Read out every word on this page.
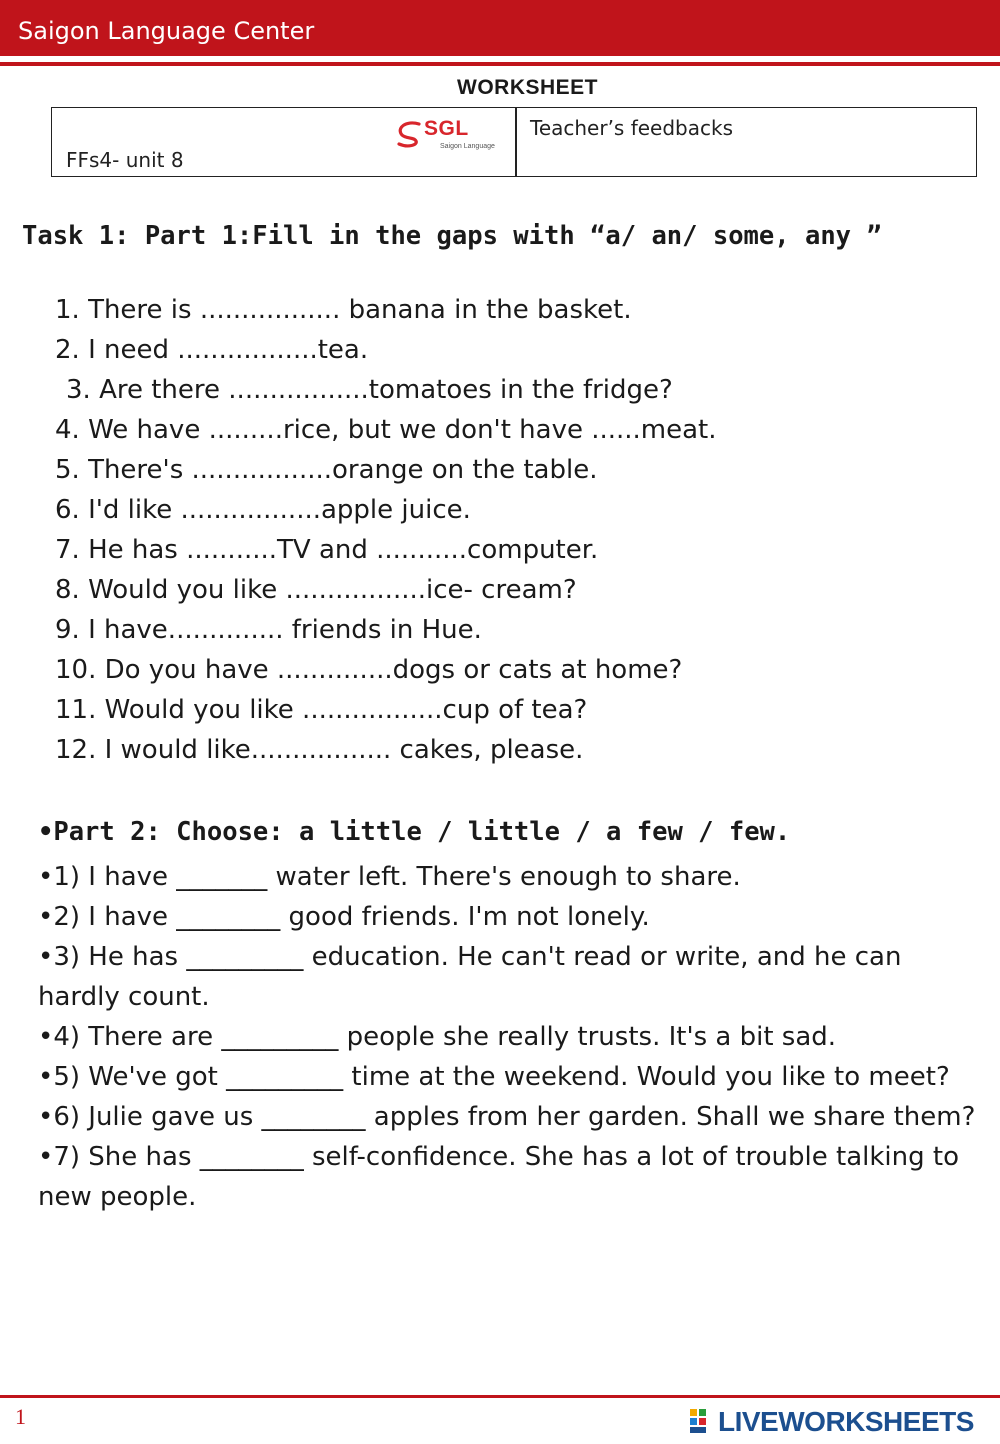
Saigon Language Center
WORKSHEET
SGL
Saigon Language
FFs4- unit 8
Teacher’s feedbacks
Task 1: Part 1:Fill in the gaps with “a/ an/ some, any ”
1. There is ................. banana in the basket.
2. I need .................tea.
3. Are there .................tomatoes in the fridge?
4. We have .........rice, but we don't have ......meat.
5. There's .................orange on the table.
6. I'd like .................apple juice.
7. He has ...........TV and ...........computer.
8. Would you like .................ice- cream?
9. I have.............. friends in Hue.
10. Do you have ..............dogs or cats at home?
11. Would you like .................cup of tea?
12. I would like................. cakes, please.
•Part 2: Choose: a little / little / a few / few.
•1) I have _______ water left. There's enough to share.
•2) I have ________ good friends. I'm not lonely.
•3) He has _________ education. He can't read or write, and he can hardly count.
•4) There are _________ people she really trusts. It's a bit sad.
•5) We've got _________ time at the weekend. Would you like to meet?
•6) Julie gave us ________ apples from her garden. Shall we share them?
•7) She has ________ self-confidence. She has a lot of trouble talking to new people.
1	LIVEWORKSHEETS
